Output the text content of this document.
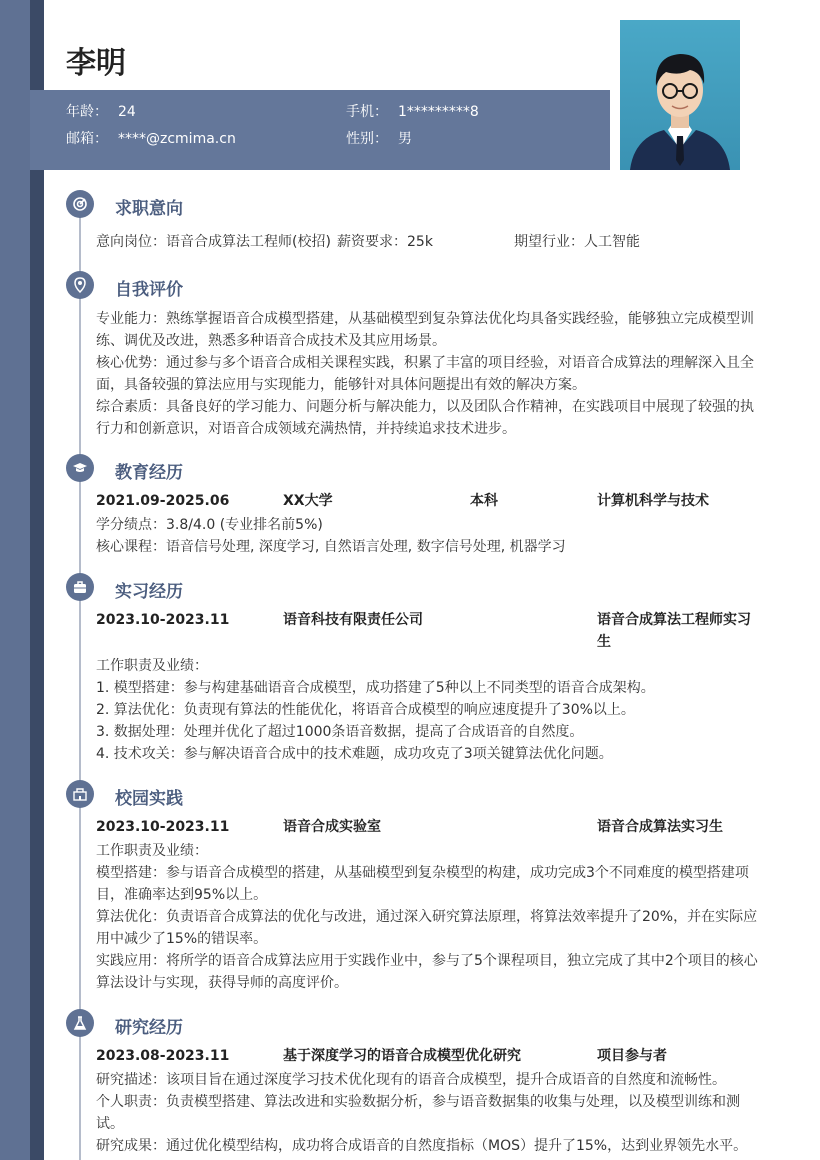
李明
年龄： 24	手机： 1*********8
邮箱： ****@zcmima.cn	性别： 男
求职意向
意向岗位：语音合成算法工程师(校招) 薪资要求：25k	期望行业：人工智能
自我评价
专业能力：熟练掌握语音合成模型搭建，从基础模型到复杂算法优化均具备实践经验，能够独立完成模型训练、调优及改进，熟悉多种语音合成技术及其应用场景。
核心优势：通过参与多个语音合成相关课程实践，积累了丰富的项目经验，对语音合成算法的理解深入且全面，具备较强的算法应用与实现能力，能够针对具体问题提出有效的解决方案。
综合素质：具备良好的学习能力、问题分析与解决能力，以及团队合作精神，在实践项目中展现了较强的执行力和创新意识，对语音合成领域充满热情，并持续追求技术进步。
教育经历
2021.09-2025.06	XX大学	本科	计算机科学与技术
学分绩点：3.8/4.0 (专业排名前5%)
核心课程：语音信号处理, 深度学习, 自然语言处理, 数字信号处理, 机器学习
实习经历
2023.10-2023.11	语音科技有限责任公司	语音合成算法工程师实习生
工作职责及业绩：
1. 模型搭建：参与构建基础语音合成模型，成功搭建了5种以上不同类型的语音合成架构。
2. 算法优化：负责现有算法的性能优化，将语音合成模型的响应速度提升了30%以上。
3. 数据处理：处理并优化了超过1000条语音数据，提高了合成语音的自然度。
4. 技术攻关：参与解决语音合成中的技术难题，成功攻克了3项关键算法优化问题。
校园实践
2023.10-2023.11	语音合成实验室	语音合成算法实习生
工作职责及业绩：
模型搭建：参与语音合成模型的搭建，从基础模型到复杂模型的构建，成功完成3个不同难度的模型搭建项目，准确率达到95%以上。
算法优化：负责语音合成算法的优化与改进，通过深入研究算法原理，将算法效率提升了20%，并在实际应用中减少了15%的错误率。
实践应用：将所学的语音合成算法应用于实践作业中，参与了5个课程项目，独立完成了其中2个项目的核心算法设计与实现，获得导师的高度评价。
研究经历
2023.08-2023.11	基于深度学习的语音合成模型优化研究	项目参与者
研究描述：该项目旨在通过深度学习技术优化现有的语音合成模型，提升合成语音的自然度和流畅性。
个人职责：负责模型搭建、算法改进和实验数据分析，参与语音数据集的收集与处理，以及模型训练和测试。
研究成果：通过优化模型结构，成功将合成语音的自然度指标（MOS）提升了15%，达到业界领先水平。
